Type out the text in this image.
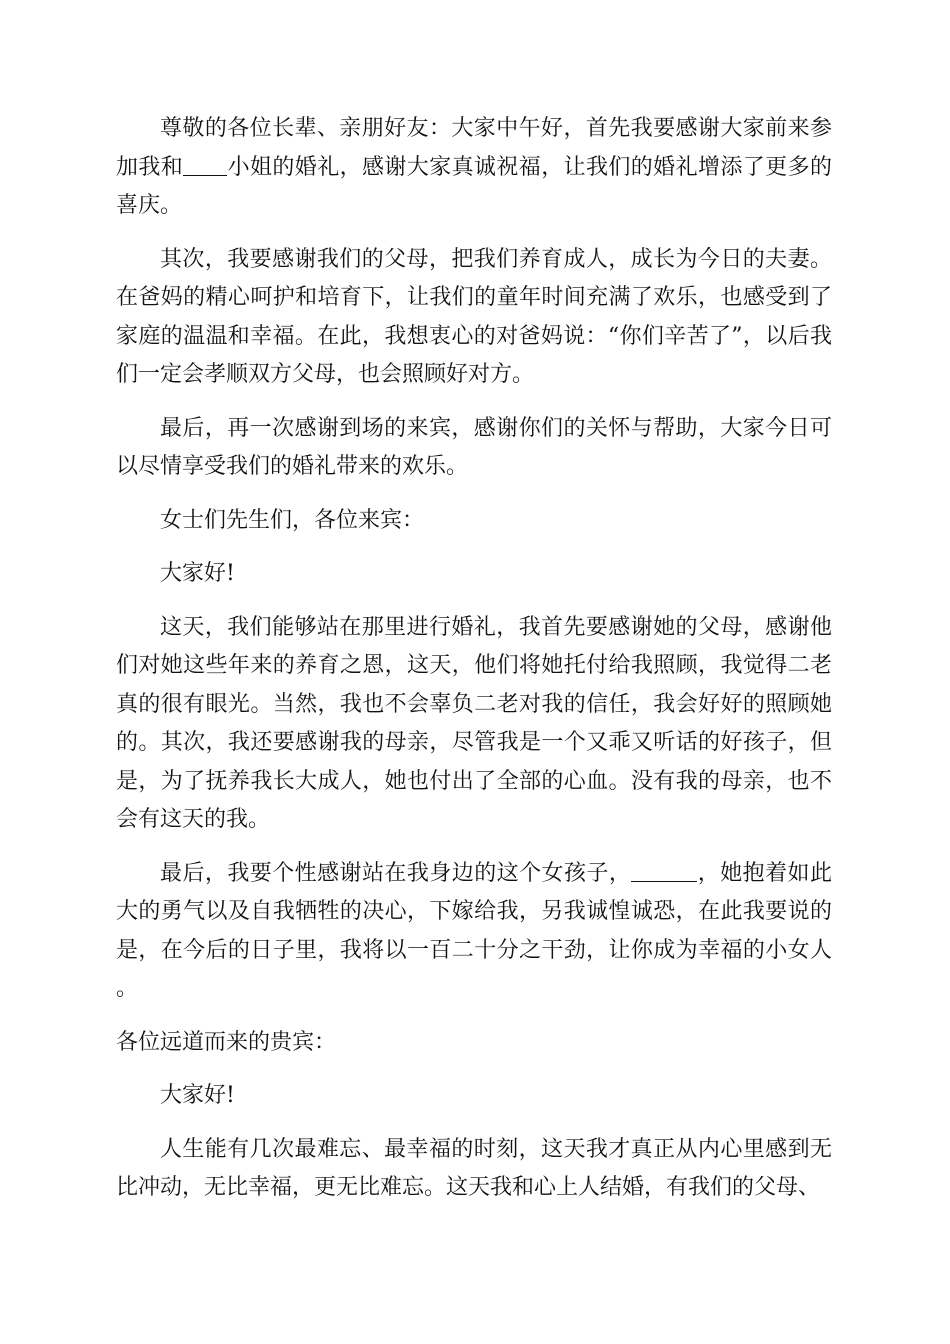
尊敬的各位长辈、亲朋好友：大家中午好，首先我要感谢大家前来参加我和 小姐的婚礼，感谢大家真诚祝福，让我们的婚礼增添了更多的喜庆。

其次，我要感谢我们的父母，把我们养育成人，成长为今日的夫妻。在爸妈的精心呵护和培育下，让我们的童年时间充满了欢乐，也感受到了家庭的温温和幸福。在此，我想衷心的对爸妈说：“你们辛苦了”，以后我们一定会孝顺双方父母，也会照顾好对方。

最后，再一次感谢到场的来宾，感谢你们的关怀与帮助，大家今日可以尽情享受我们的婚礼带来的欢乐。

女士们先生们，各位来宾：

大家好!

这天，我们能够站在那里进行婚礼，我首先要感谢她的父母，感谢他们对她这些年来的养育之恩，这天，他们将她托付给我照顾，我觉得二老真的很有眼光。当然，我也不会辜负二老对我的信任，我会好好的照顾她的。其次，我还要感谢我的母亲，尽管我是一个又乖又听话的好孩子，但是，为了抚养我长大成人，她也付出了全部的心血。没有我的母亲，也不会有这天的我。

最后，我要个性感谢站在我身边的这个女孩子，	，她抱着如此大的勇气以及自我牺牲的决心，下嫁给我，另我诚惶诚恐，在此我要说的是，在今后的日子里，我将以一百二十分之干劲，让你成为幸福的小女人。

各位远道而来的贵宾：

大家好!

人生能有几次最难忘、最幸福的时刻，这天我才真正从内心里感到无比冲动，无比幸福，更无比难忘。这天我和心上人结婚，有我们的父母、
